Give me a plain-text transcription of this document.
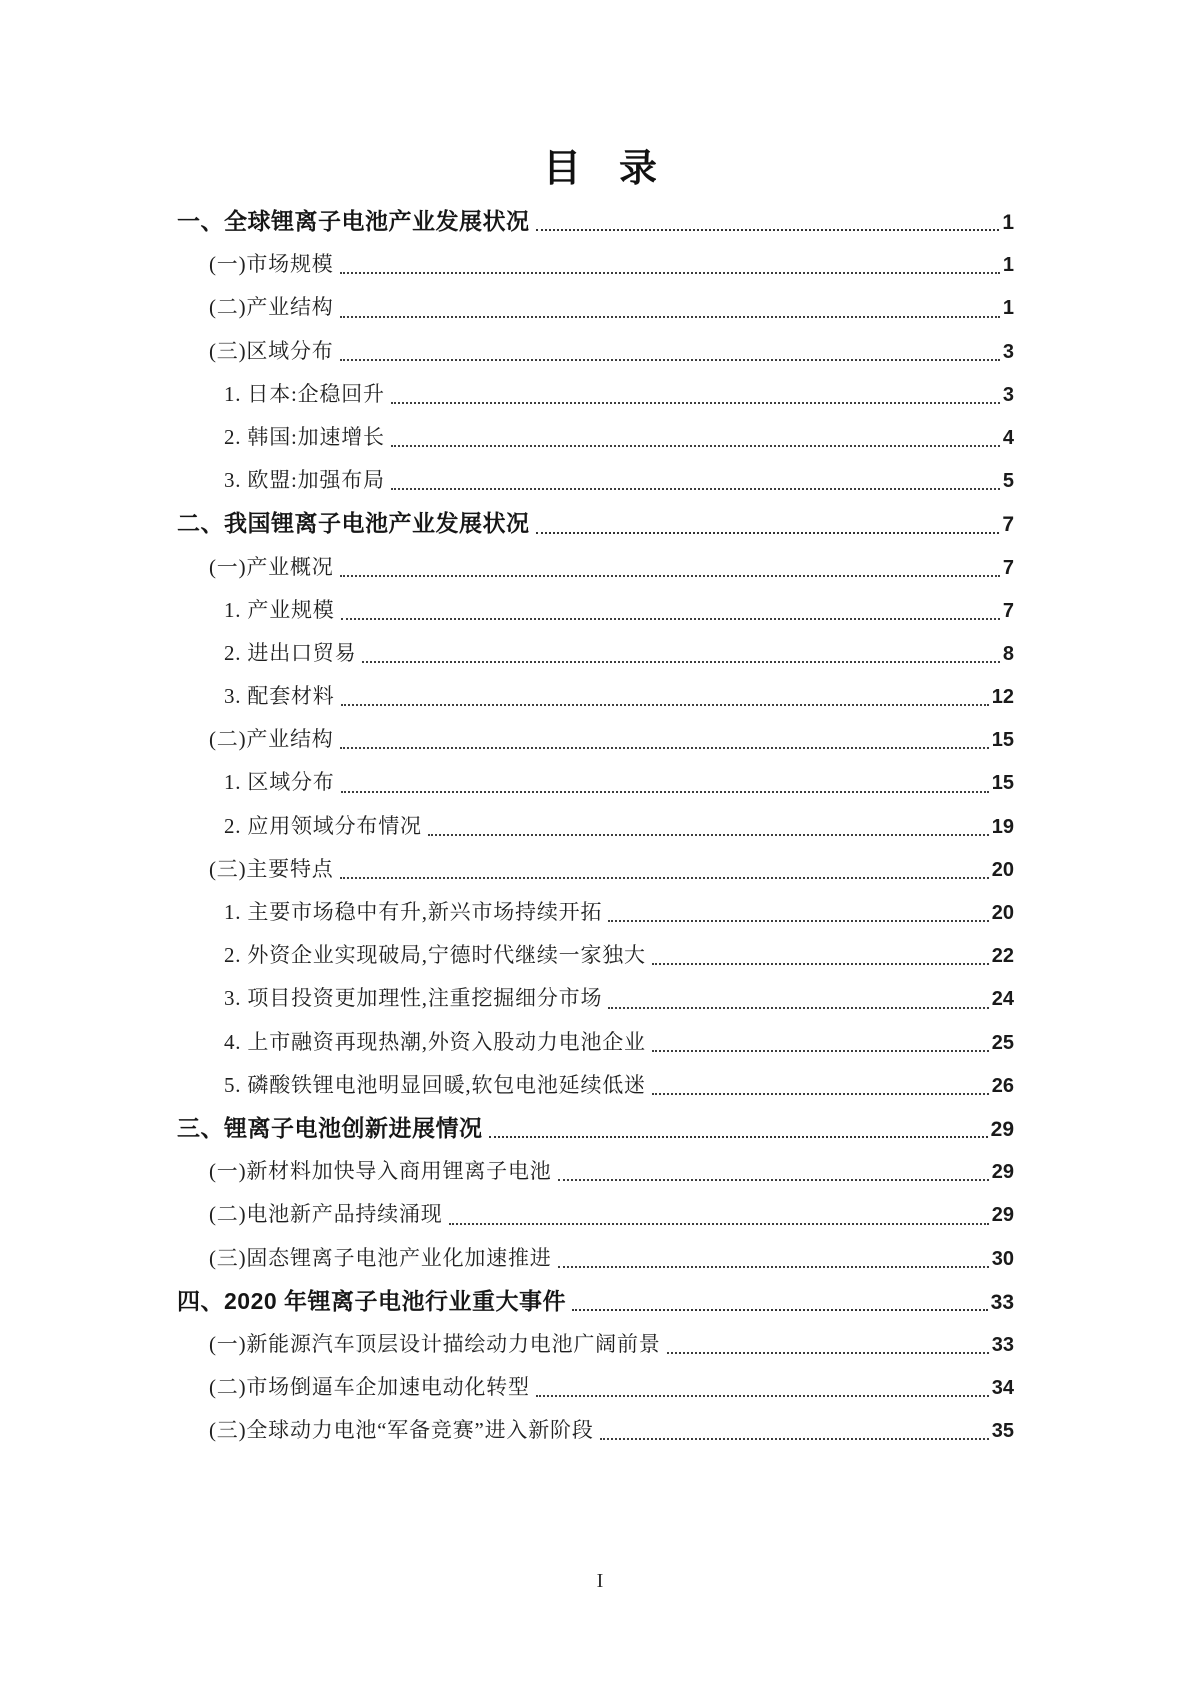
目　录
一、全球锂离子电池产业发展状况	1
(一)市场规模	1
(二)产业结构	1
(三)区域分布	3
1. 日本:企稳回升	3
2. 韩国:加速增长	4
3. 欧盟:加强布局	5
二、我国锂离子电池产业发展状况	7
(一)产业概况	7
1. 产业规模	7
2. 进出口贸易	8
3. 配套材料	12
(二)产业结构	15
1. 区域分布	15
2. 应用领域分布情况	19
(三)主要特点	20
1. 主要市场稳中有升,新兴市场持续开拓	20
2. 外资企业实现破局,宁德时代继续一家独大	22
3. 项目投资更加理性,注重挖掘细分市场	24
4. 上市融资再现热潮,外资入股动力电池企业	25
5. 磷酸铁锂电池明显回暖,软包电池延续低迷	26
三、锂离子电池创新进展情况	29
(一)新材料加快导入商用锂离子电池	29
(二)电池新产品持续涌现	29
(三)固态锂离子电池产业化加速推进	30
四、2020 年锂离子电池行业重大事件	33
(一)新能源汽车顶层设计描绘动力电池广阔前景	33
(二)市场倒逼车企加速电动化转型	34
(三)全球动力电池“军备竞赛”进入新阶段	35
I
